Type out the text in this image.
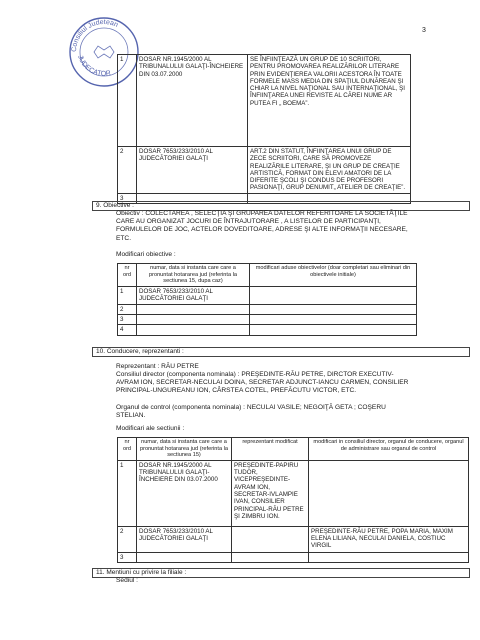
3
Consiliul Judetean
JUDECATOR
1	DOSAR NR.1945/2000 AL TRIBUNALULUI GALAŢI-ÎNCHEIERE DIN 03.07.2000	SE ÎNFIINŢEAZĂ UN GRUP DE 10 SCRIITORI, PENTRU PROMOVAREA REALIZĂRILOR LITERARE PRIN EVIDENŢIEREA VALORII ACESTORA ÎN TOATE FORMELE MASS MEDIA DIN SPAŢIUL DUNĂREAN ŞI CHIAR LA NIVEL NAŢIONAL SAU INTERNAŢIONAL, ŞI ÎNFIINŢAREA UNEI REVISTE AL CĂREI NUME AR PUTEA FI „ BOEMA”.
2	DOSAR 7653/233/2010 AL JUDECĂTORIEI GALAŢI	ART.2 DIN STATUT, ÎNFIINŢAREA UNUI GRUP DE ZECE SCRIITORI, CARE SĂ PROMOVEZE REALIZĂRILE LITERARE, ŞI UN GRUP DE CREAŢIE ARTISTICĂ, FORMAT DIN ELEVI AMATORI DE LA DIFERITE ŞCOLI ŞI CONDUS DE PROFESORI PASIONAŢI, GRUP DENUMIT„ ATELIER DE CREAŢIE”.
3		
9. Obiective :
Obiectiv : COLECTAREA , SELECŢIA ŞI GRUPAREA DATELOR REFERITOARE LA SOCIETĂŢILE CARE AU ORGANIZAT JOCURI DE ÎNTRAJUTORARE , A LISTELOR DE PARTICIPANŢI, FORMULELOR DE JOC, ACTELOR DOVEDITOARE, ADRESE ŞI ALTE INFORMAŢII NECESARE, ETC.
Modificari obiective :
nr ord	numar, data si instanta care care a pronuntat hotararea jud (referinta la sectiunea 15, dupa caz)	modificari aduse obiectivelor (doar completari sau eliminari din obiectivele initiale)
1	DOSAR 7653/233/2010 AL JUDECĂTORIEI GALAŢI	
2		
3		
4		
10. Conducere, reprezentanti :
Reprezentant : RĂU PETRE
Consiliul director (componenta nominala) : PREŞEDINTE-RĂU PETRE, DIRCTOR EXECUTIV-AVRAM ION, SECRETAR-NECULAI DOINA, SECRETAR ADJUNCT-IANCU CARMEN, CONSILIER PRINCIPAL-UNGUREANU ION, CÂRSTEA COTEL, PREFĂCUTU VICTOR, ETC.
Organul de control (componenta nominala) : NECULAI VASILE; NEGOIŢĂ GETA ; COŞERU STELIAN.
Modificari ale sectiunii :
nr ord	numar, data si instanta care care a pronuntat hotararea jud (referinta la sectiunea 15)	reprezentant modificat	modificari in consiliul director, organul de conducere, organul de administrare sau organul de control
1	DOSAR NR.1945/2000 AL TRIBUNALULUI GALAŢI-ÎNCHEIERE DIN 03.07.2000	PREŞEDINTE-PAPIRU TUDOR, VICEPREŞEDINTE-AVRAM ION, SECRETAR-IVLAMPIE IVAN, CONSILIER PRINCIPAL-RĂU PETRE ŞI ZIMBRU ION.	
2	DOSAR 7653/233/2010 AL JUDECĂTORIEI GALAŢI		PREŞEDINTE-RĂU PETRE, POPA MARIA, MAXIM ELENA LILIANA, NECULAI DANIELA, COSTIUC VIRGIL
3			
11. Mentiuni cu privire la filiale :
Sediul :
